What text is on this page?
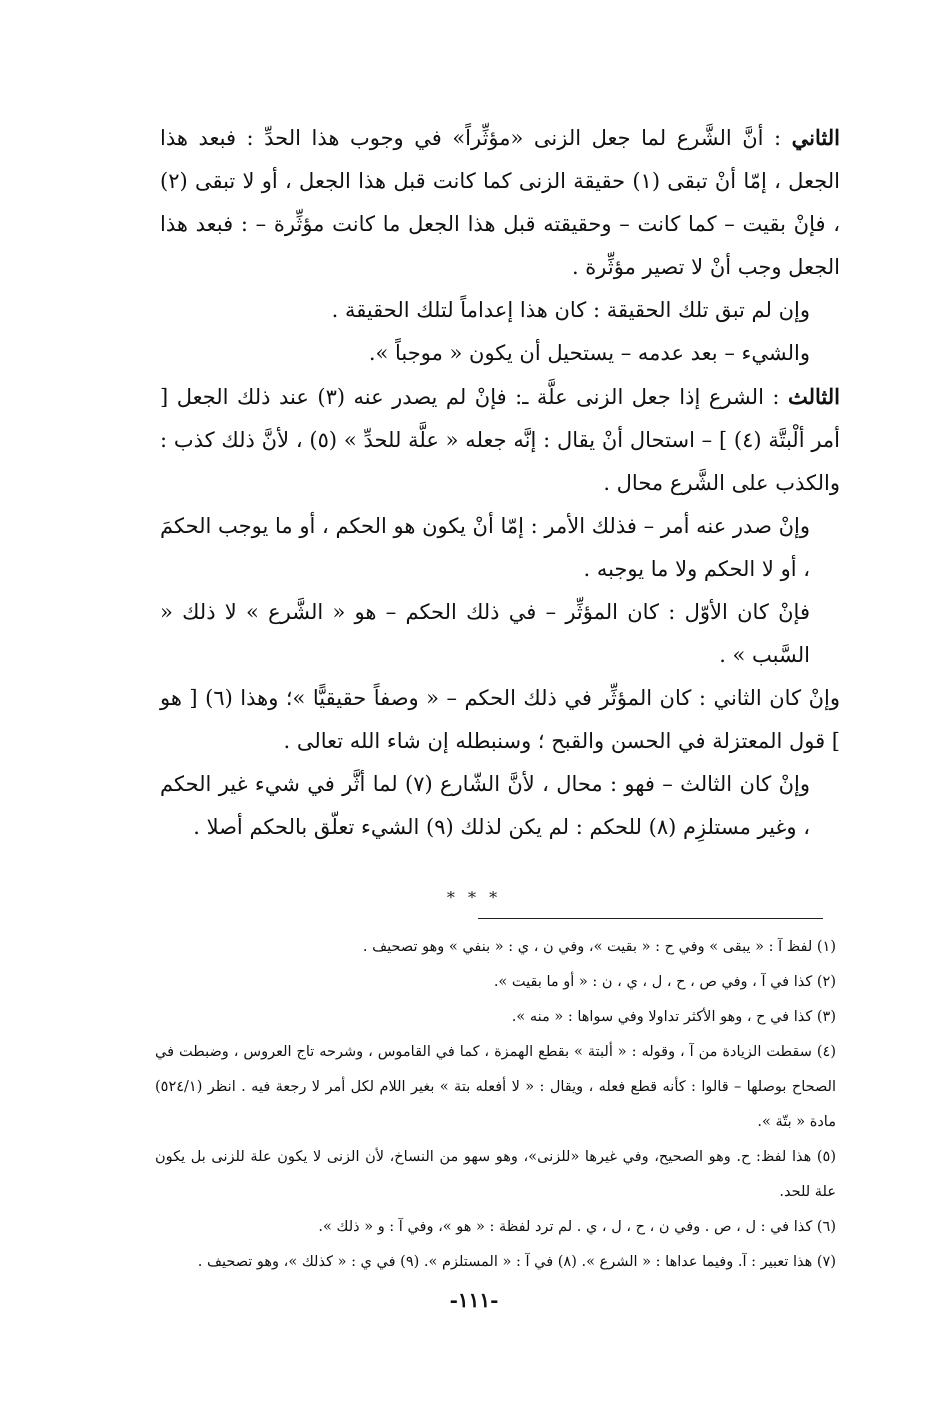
الثاني : أنَّ الشَّرع لما جعل الزنى «مؤثِّراً» في وجوب هذا الحدِّ : فبعد هذا الجعل ، إمّا أنْ تبقى (١) حقيقة الزنى كما كانت قبل هذا الجعل ، أو لا تبقى (٢) ، فإنْ بقيت – كما كانت – وحقيقته قبل هذا الجعل ما كانت مؤثِّرة – : فبعد هذا الجعل وجب أنْ لا تصير مؤثِّرة .

وإن لم تبق تلك الحقيقة : كان هذا إعداماً لتلك الحقيقة .

والشيء – بعد عدمه – يستحيل أن يكون « موجباً ».

الثالث : الشرع إذا جعل الزنى علَّة ـ: فإنْ لم يصدر عنه (٣) عند ذلك الجعل [ أمر ألْبتَّة (٤) ] – استحال أنْ يقال : إنَّه جعله « علَّة للحدِّ » (٥) ، لأنَّ ذلك كذب : والكذب على الشَّرع محال .

وإنْ صدر عنه أمر – فذلك الأمر : إمّا أنْ يكون هو الحكم ، أو ما يوجب الحكمَ ، أو لا الحكم ولا ما يوجبه .

فإنْ كان الأوّل : كان المؤثِّر – في ذلك الحكم – هو « الشَّرع » لا ذلك « السَّبب » .

وإنْ كان الثاني : كان المؤثِّر في ذلك الحكم – « وصفاً حقيقيًّا »؛ وهذا (٦) [ هو ] قول المعتزلة في الحسن والقبح ؛ وسنبطله إن شاء الله تعالى .

وإنْ كان الثالث – فهو : محال ، لأنَّ الشّارع (٧) لما أثَّر في شيء غير الحكم ، وغير مستلزِم (٨) للحكم : لم يكن لذلك (٩) الشيء تعلّق بالحكم أصلا .

* * *

(١) لفظ آ : « يبقى » وفي ح : « بقيت »، وفي ن ، ي : « بنفي » وهو تصحيف .

(٢) كذا في آ ، وفي ص ، ح ، ل ، ي ، ن : « أو ما بقيت ».

(٣) كذا في ح ، وهو الأكثر تداولا وفي سواها : « منه ».

(٤) سقطت الزيادة من آ ، وقوله : « ألبتة » بقطع الهمزة ، كما في القاموس ، وشرحه تاج العروس ، وضبطت في الصحاح بوصلها – قالوا : كأنه قطع فعله ، ويقال : « لا أفعله بتة » بغير اللام لكل أمر لا رجعة فيه . انظر (٥٢٤/١) مادة « بتّة ».

(٥) هذا لفظ: ح. وهو الصحيح، وفي غيرها «للزنى»، وهو سهو من النساخ، لأن الزنى لا يكون علة للزنى بل يكون علة للحد.

(٦) كذا في : ل ، ص . وفي ن ، ح ، ل ، ي . لم ترد لفظة : « هو »، وفي آ : و « ذلك ».

(٧) هذا تعبير : آ. وفيما عداها : « الشرع ». (٨) في آ : « المستلزم ». (٩) في ي : « كذلك »، وهو تصحيف .

-١١١-
